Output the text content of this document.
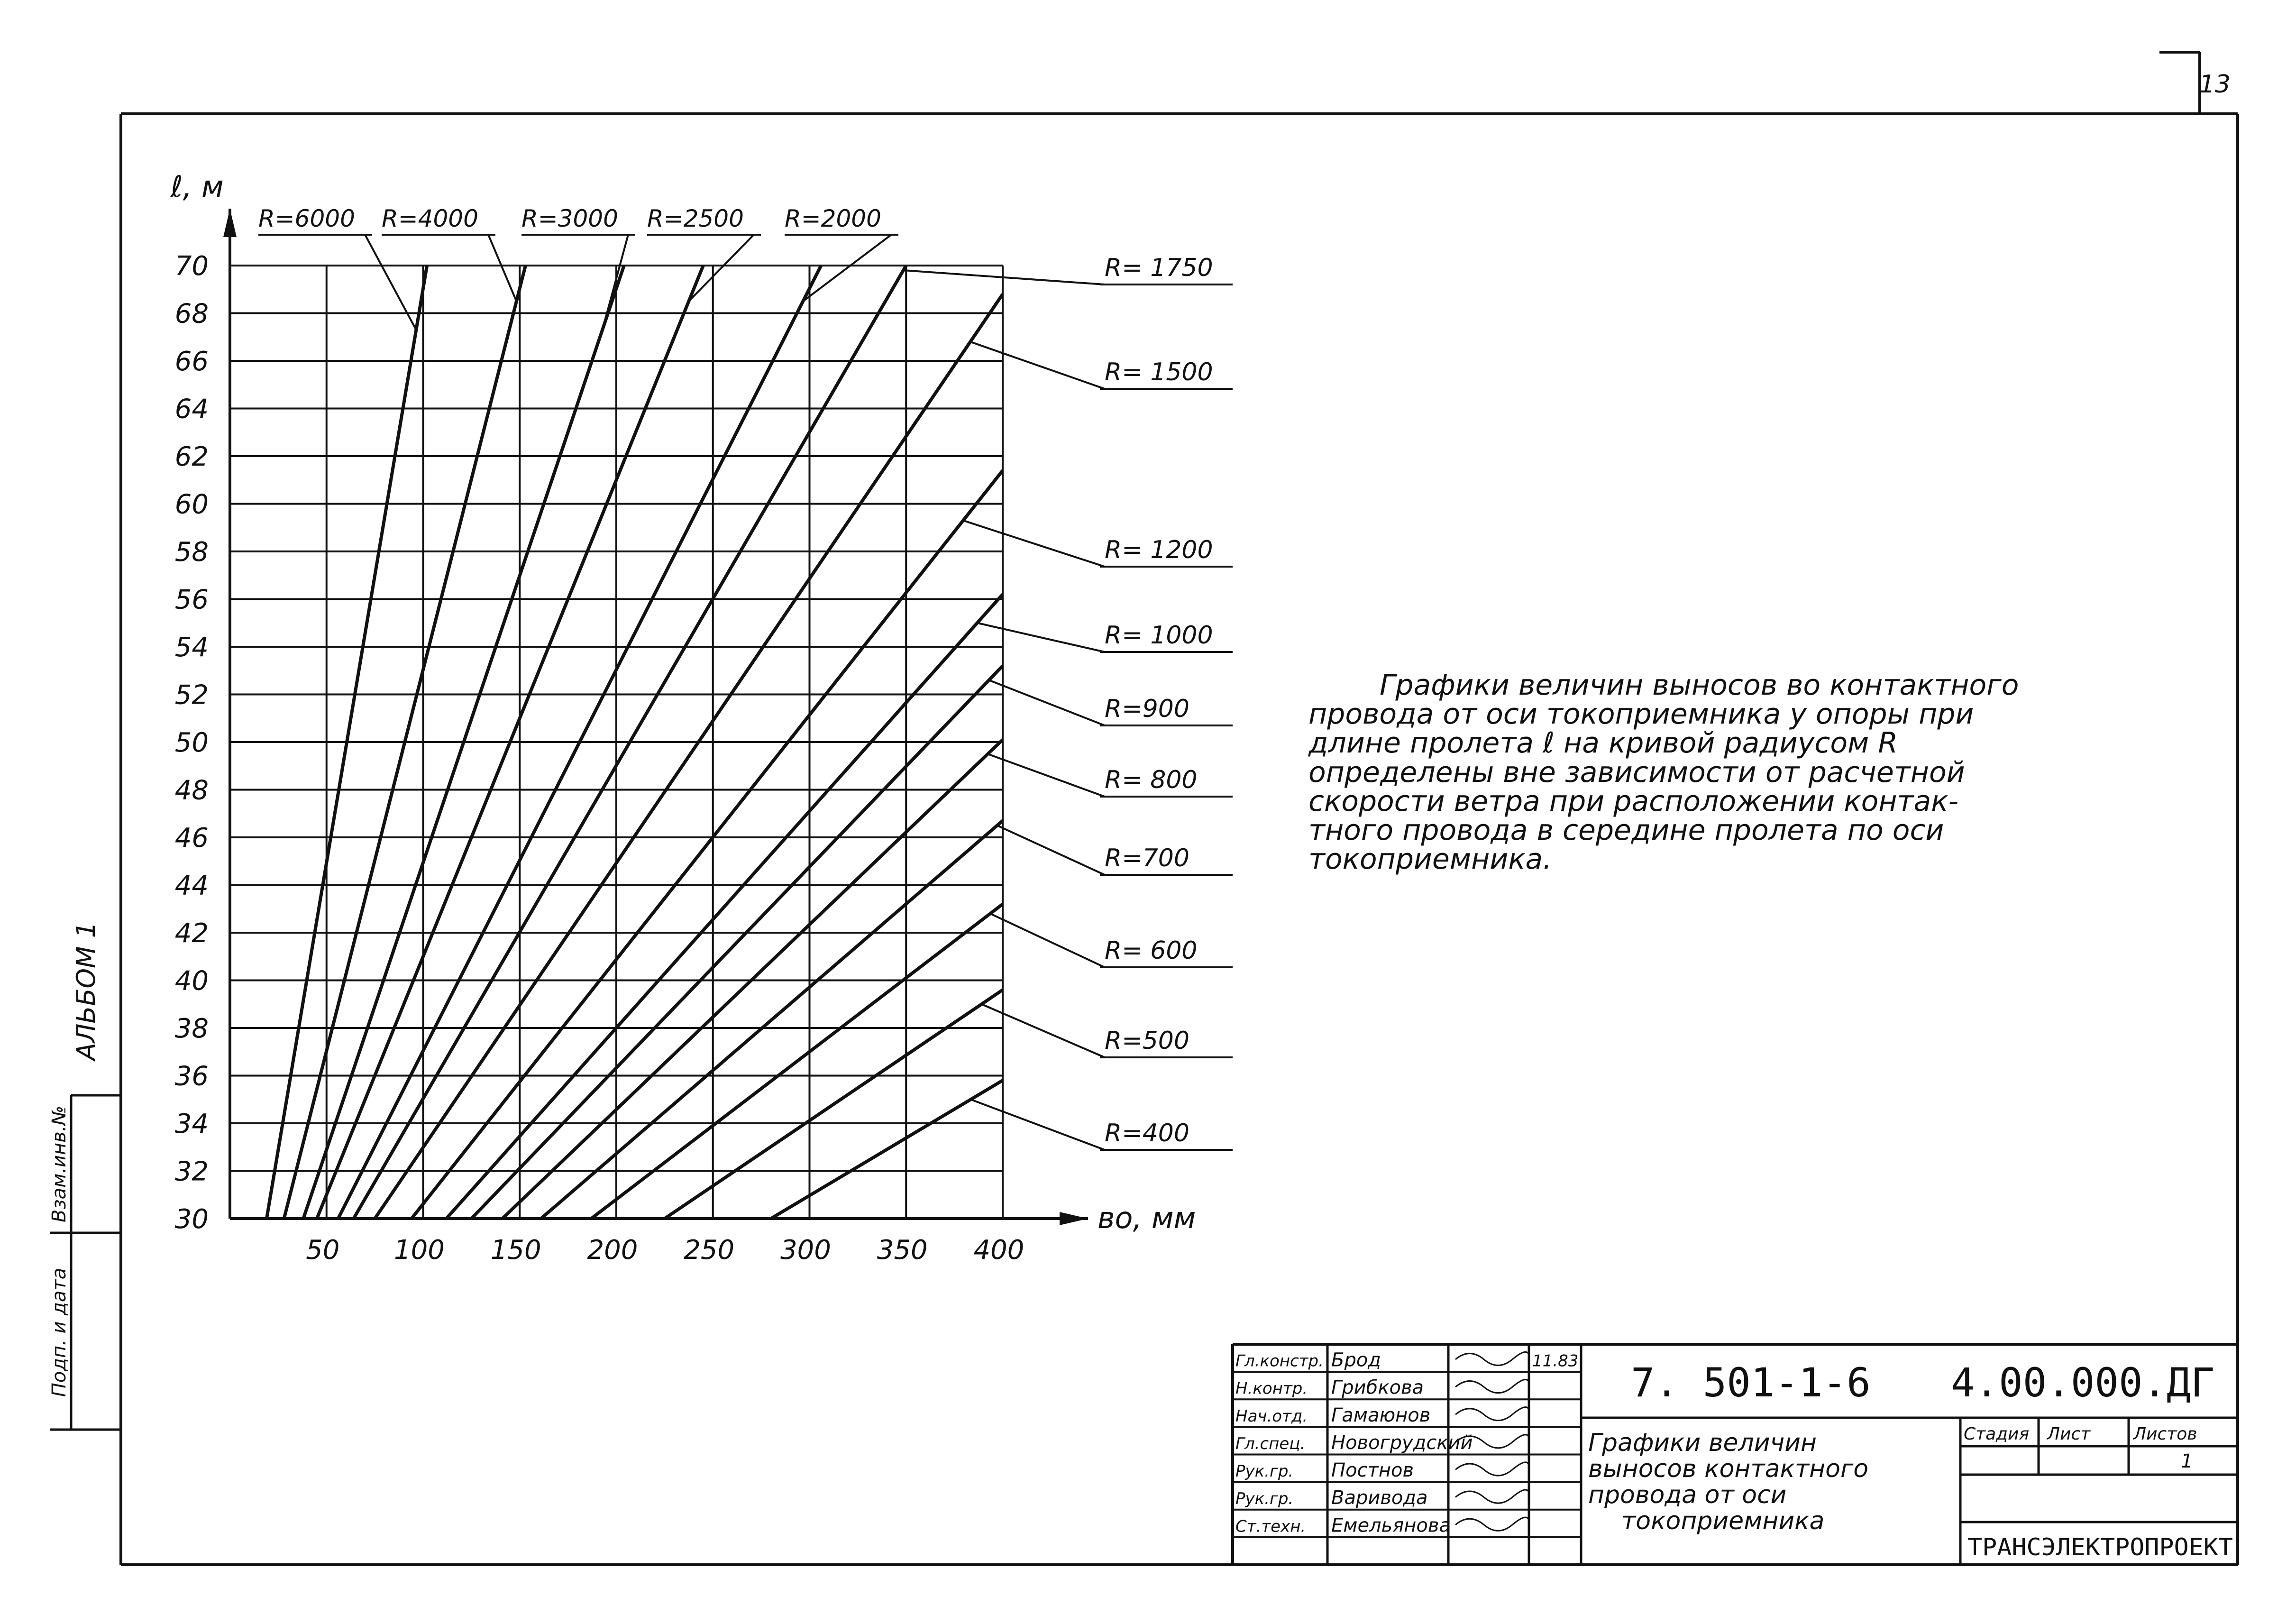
13
АЛЬБОМ 1
Взам.инв.№
Подп. и дата
30
32
34
36
38
40
42
44
46
48
50
52
54
56
58
60
62
64
66
68
70
50 100 150 200 250 300 350 400
ℓ, м
вo, мм
R=6000 R=4000 R=3000 R=2500 R=2000
R= 1750
R= 1500
R= 1200
R= 1000
R=900
R= 800
R=700
R= 600
R=500
R=400
Гл.констр. Брод	11.83
Н.контр. Грибкова
Нач.отд. Гамаюнов
Гл.спец. Новогрудский
Рук.гр. Постнов
Рук.гр. Варивода
Ст.техн. Емельянова
7. 501-1-6 4.00.000.ДГ
Графики величин
выносов контактного
провода от оси
токоприемника
Стадия Лист	Листов
1
ТРАНСЭЛЕКТРОПРОЕКТ
Графики величин выносов вo контактного
провода от оси токоприемника у опоры при
длине пролета ℓ на кривой радиусом R
определены вне зависимости от расчетной
скорости ветра при расположении контак-
тного провода в середине пролета по оси
токоприемника.
